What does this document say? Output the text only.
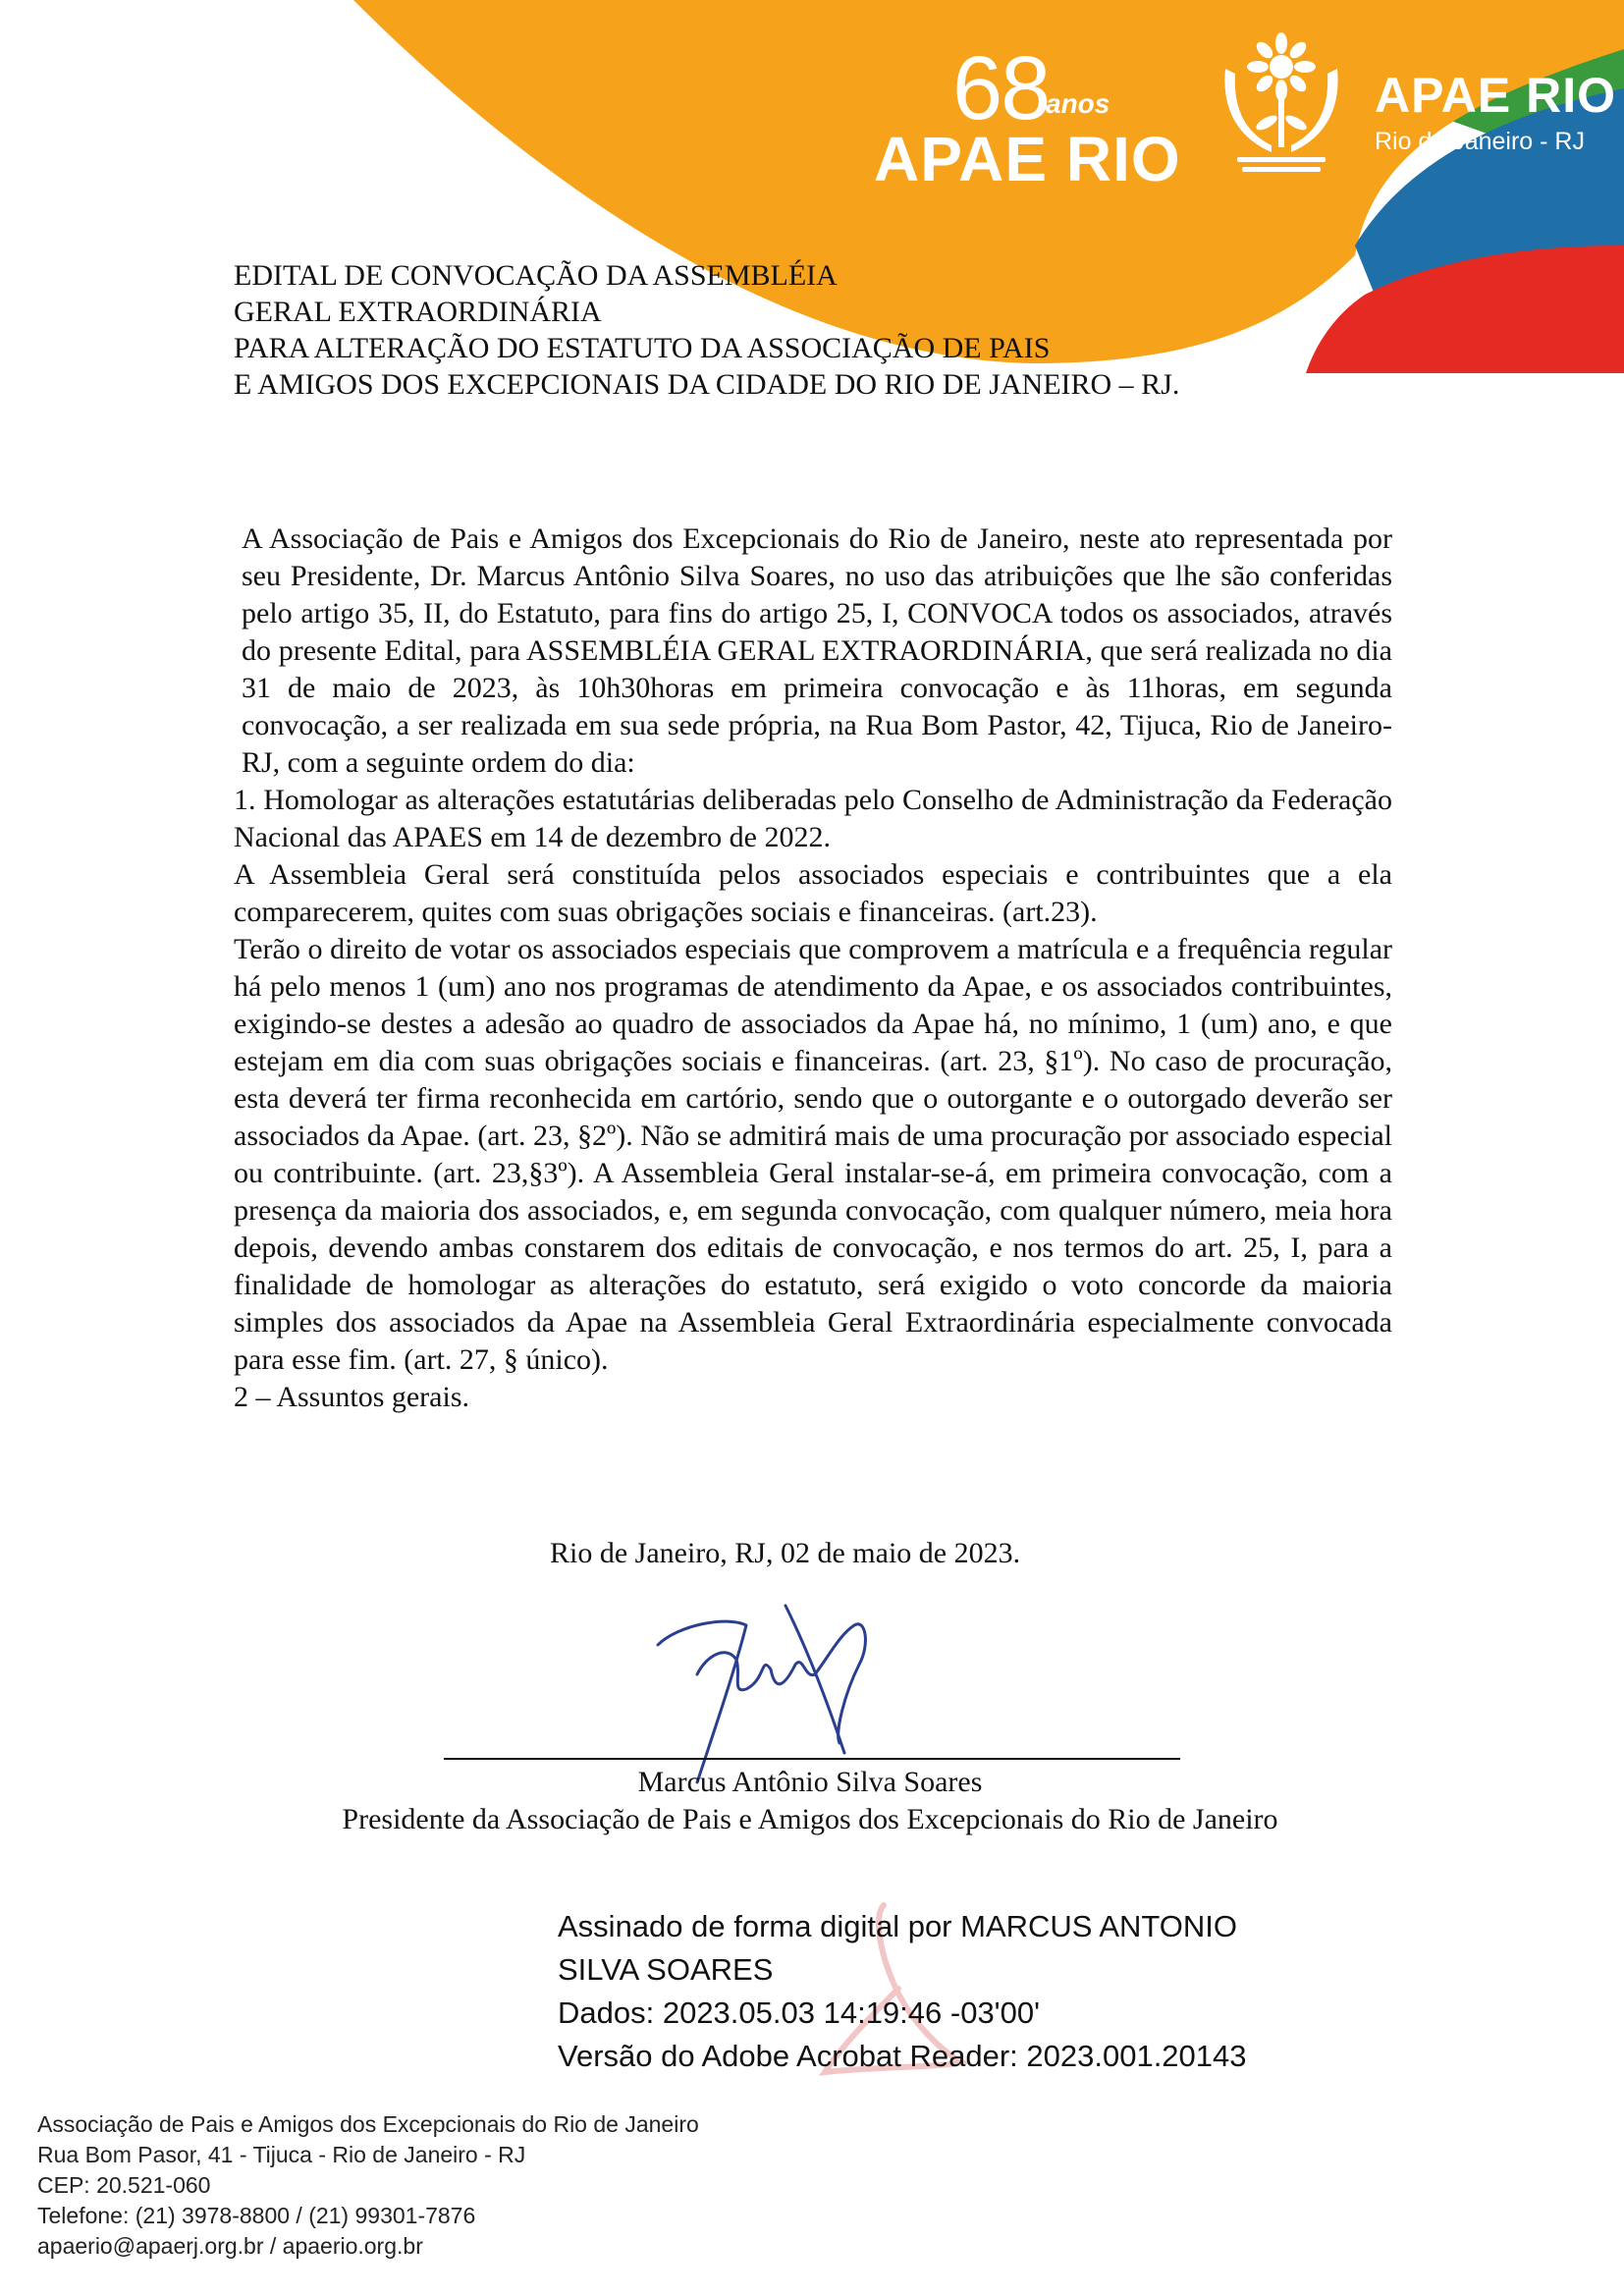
68
anos
APAE RIO
APAE RIO
Rio de Janeiro - RJ
EDITAL DE CONVOCAÇÃO DA ASSEMBLÉIA
GERAL EXTRAORDINÁRIA
PARA ALTERAÇÃO DO ESTATUTO DA ASSOCIAÇÃO DE PAIS
E AMIGOS DOS EXCEPCIONAIS DA CIDADE DO RIO DE JANEIRO – RJ.

A Associação de Pais e Amigos dos Excepcionais do Rio de Janeiro, neste ato representada por seu Presidente, Dr. Marcus Antônio Silva Soares, no uso das atribuições que lhe são conferidas pelo artigo 35, II, do Estatuto, para fins do artigo 25, I, CONVOCA todos os associados, através do presente Edital, para ASSEMBLÉIA GERAL EXTRAORDINÁRIA, que será realizada no dia 31 de maio de 2023, às 10h30horas em primeira convocação e às 11horas, em segunda convocação, a ser realizada em sua sede própria, na Rua Bom Pastor, 42, Tijuca, Rio de Janeiro-RJ, com a seguinte ordem do dia:

1. Homologar as alterações estatutárias deliberadas pelo Conselho de Administração da Federação Nacional das APAES em 14 de dezembro de 2022.

A Assembleia Geral será constituída pelos associados especiais e contribuintes que a ela comparecerem, quites com suas obrigações sociais e financeiras. (art.23).

Terão o direito de votar os associados especiais que comprovem a matrícula e a frequência regular há pelo menos 1 (um) ano nos programas de atendimento da Apae, e os associados contribuintes, exigindo-se destes a adesão ao quadro de associados da Apae há, no mínimo, 1 (um) ano, e que estejam em dia com suas obrigações sociais e financeiras. (art. 23, §1º). No caso de procuração, esta deverá ter firma reconhecida em cartório, sendo que o outorgante e o outorgado deverão ser associados da Apae. (art. 23, §2º). Não se admitirá mais de uma procuração por associado especial ou contribuinte. (art. 23,§3º). A Assembleia Geral instalar-se-á, em primeira convocação, com a presença da maioria dos associados, e, em segunda convocação, com qualquer número, meia hora depois, devendo ambas constarem dos editais de convocação, e nos termos do art. 25, I, para a finalidade de homologar as alterações do estatuto, será exigido o voto concorde da maioria simples dos associados da Apae na Assembleia Geral Extraordinária especialmente convocada para esse fim. (art. 27, § único).

2 – Assuntos gerais.

Rio de Janeiro, RJ, 02 de maio de 2023.
Marcus Antônio Silva Soares
Presidente da Associação de Pais e Amigos dos Excepcionais do Rio de Janeiro
Assinado de forma digital por MARCUS ANTONIO
SILVA SOARES
Dados: 2023.05.03 14:19:46 -03'00'
Versão do Adobe Acrobat Reader: 2023.001.20143
Associação de Pais e Amigos dos Excepcionais do Rio de Janeiro
Rua Bom Pasor, 41 - Tijuca - Rio de Janeiro - RJ
CEP: 20.521-060
Telefone: (21) 3978-8800 / (21) 99301-7876
apaerio@apaerj.org.br / apaerio.org.br
